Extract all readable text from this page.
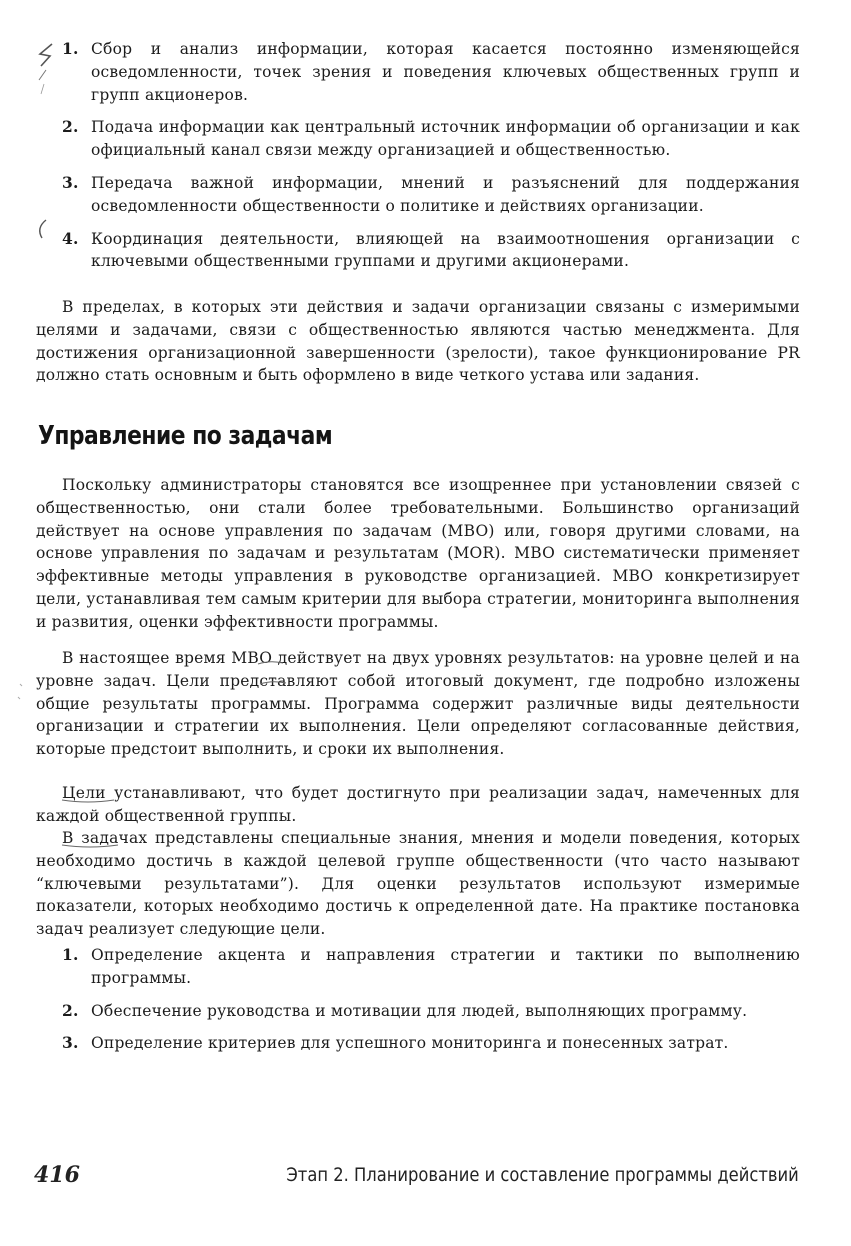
1. Сбор и анализ информации, которая касается постоянно изменяющейся осведомленности, точек зрения и поведения ключевых общественных групп и групп акционеров.
2. Подача информации как центральный источник информации об организации и как официальный канал связи между организацией и общественностью.
3. Передача важной информации, мнений и разъяснений для поддержания осведомленности общественности о политике и действиях организации.
4. Координация деятельности, влияющей на взаимоотношения организации с ключевыми общественными группами и другими акционерами.

В пределах, в которых эти действия и задачи организации связаны с измеримыми целями и задачами, связи с общественностью являются частью менеджмента. Для достижения организационной завершенности (зрелости), такое функционирование PR должно стать основным и быть оформлено в виде четкого устава или задания.

Управление по задачам

Поскольку администраторы становятся все изощреннее при установлении связей с общественностью, они стали более требовательными. Большинство организаций действует на основе управления по задачам (MBO) или, говоря другими словами, на основе управления по задачам и результатам (MOR). MBO систематически применяет эффективные методы управления в руководстве организацией. MBO конкретизирует цели, устанавливая тем самым критерии для выбора стратегии, мониторинга выполнения и развития, оценки эффективности программы.

В настоящее время MBO действует на двух уровнях результатов: на уровне целей и на уровне задач. Цели представляют собой итоговый документ, где подробно изложены общие результаты программы. Программа содержит различные виды деятельности организации и стратегии их выполнения. Цели определяют согласованные действия, которые предстоит выполнить, и сроки их выполнения.

Цели устанавливают, что будет достигнуто при реализации задач, намеченных для каждой общественной группы.

В задачах представлены специальные знания, мнения и модели поведения, которых необходимо достичь в каждой целевой группе общественности (что часто называют “ключевыми результатами”). Для оценки результатов используют измеримые показатели, которых необходимо достичь к определенной дате. На практике постановка задач реализует следующие цели.

1. Определение акцента и направления стратегии и тактики по выполнению программы.
2. Обеспечение руководства и мотивации для людей, выполняющих программу.
3. Определение критериев для успешного мониторинга и понесенных затрат.
416	Этап 2. Планирование и составление программы действий
